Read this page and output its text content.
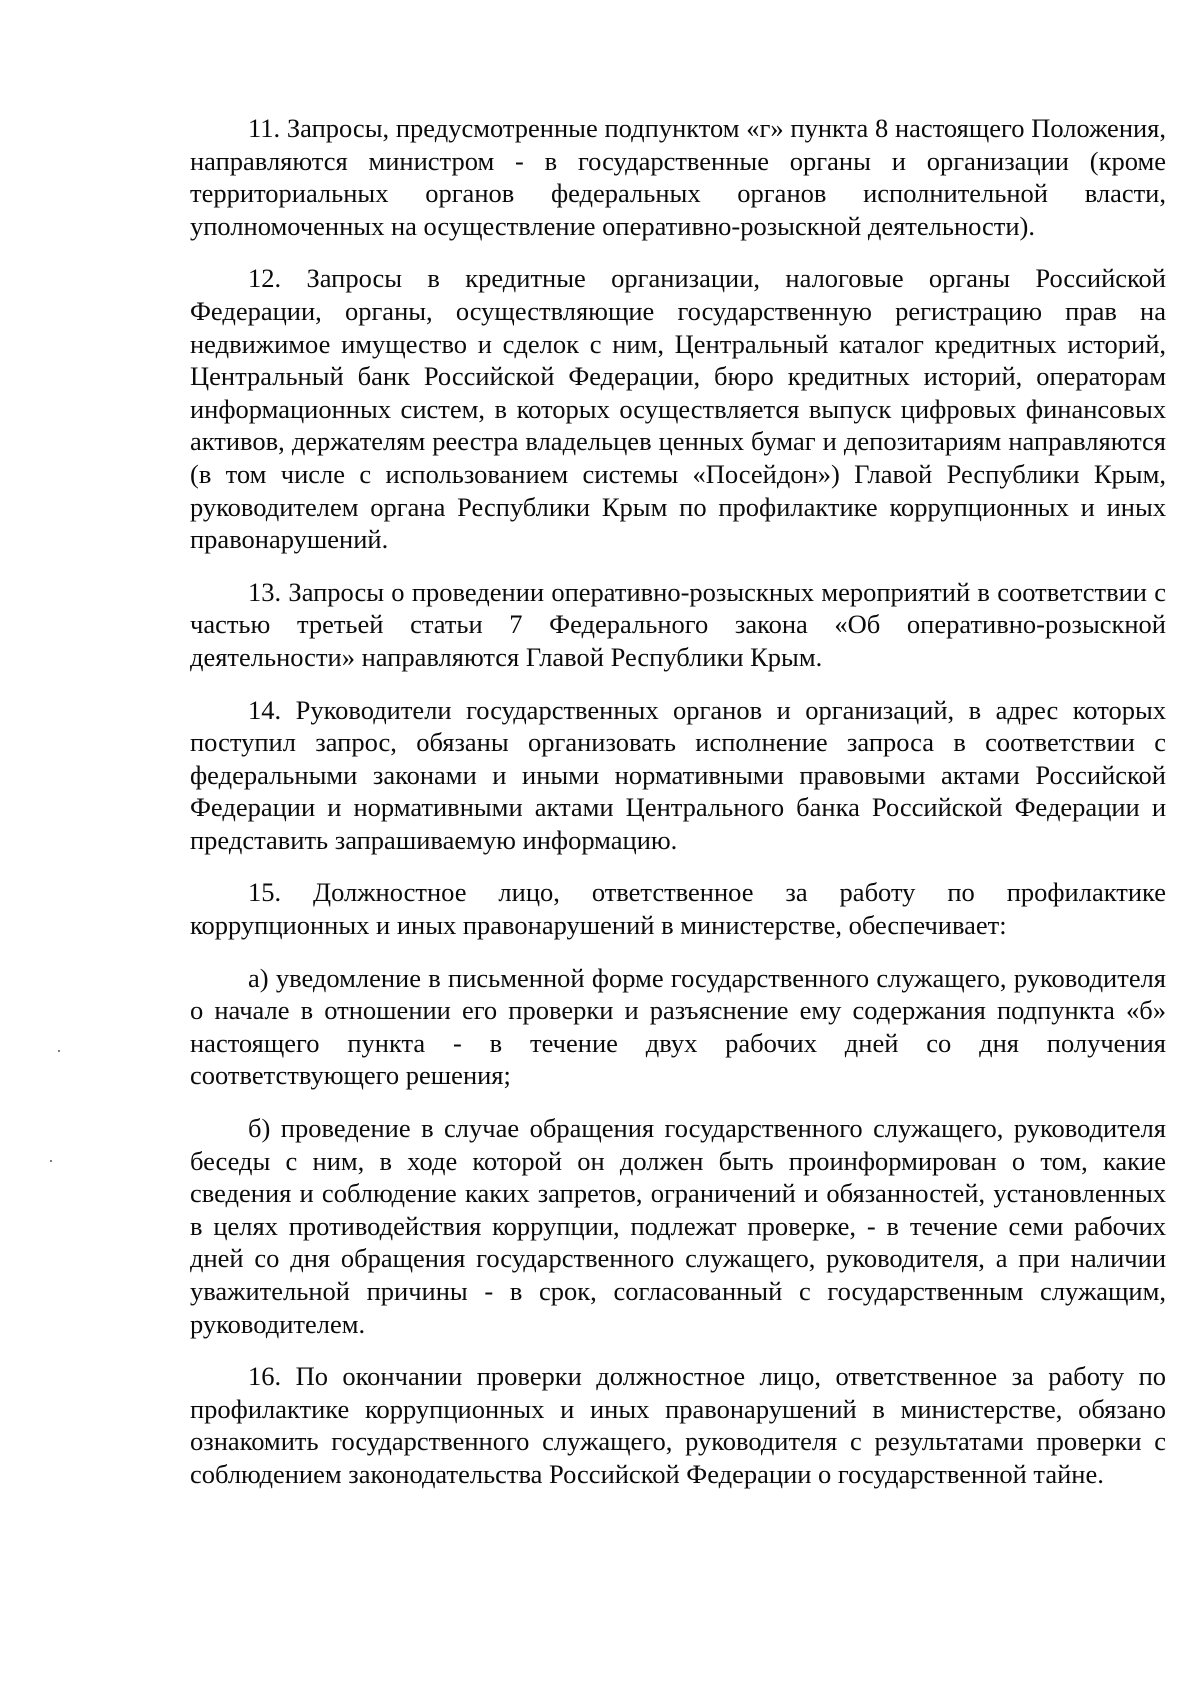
11. Запросы, предусмотренные подпунктом «г» пункта 8 настоящего Положения, направляются министром - в государственные органы и организации (кроме территориальных органов федеральных органов исполнительной власти, уполномоченных на осуществление оперативно-розыскной деятельности).

12. Запросы в кредитные организации, налоговые органы Российской Федерации, органы, осуществляющие государственную регистрацию прав на недвижимое имущество и сделок с ним, Центральный каталог кредитных историй, Центральный банк Российской Федерации, бюро кредитных историй, операторам информационных систем, в которых осуществляется выпуск цифровых финансовых активов, держателям реестра владельцев ценных бумаг и депозитариям направляются (в том числе с использованием системы «Посейдон») Главой Республики Крым, руководителем органа Республики Крым по профилактике коррупционных и иных правонарушений.

13. Запросы о проведении оперативно-розыскных мероприятий в соответствии с частью третьей статьи 7 Федерального закона «Об оперативно-розыскной деятельности» направляются Главой Республики Крым.

14. Руководители государственных органов и организаций, в адрес которых поступил запрос, обязаны организовать исполнение запроса в соответствии с федеральными законами и иными нормативными правовыми актами Российской Федерации и нормативными актами Центрального банка Российской Федерации и представить запрашиваемую информацию.

15. Должностное лицо, ответственное за работу по профилактике коррупционных и иных правонарушений в министерстве, обеспечивает:

а) уведомление в письменной форме государственного служащего, руководителя о начале в отношении его проверки и разъяснение ему содержания подпункта «б» настоящего пункта - в течение двух рабочих дней со дня получения соответствующего решения;

б) проведение в случае обращения государственного служащего, руководителя беседы с ним, в ходе которой он должен быть проинформирован о том, какие сведения и соблюдение каких запретов, ограничений и обязанностей, установленных в целях противодействия коррупции, подлежат проверке, - в течение семи рабочих дней со дня обращения государственного служащего, руководителя, а при наличии уважительной причины - в срок, согласованный с государственным служащим, руководителем.

16. По окончании проверки должностное лицо, ответственное за работу по профилактике коррупционных и иных правонарушений в министерстве, обязано ознакомить государственного служащего, руководителя с результатами проверки с соблюдением законодательства Российской Федерации о государственной тайне.
